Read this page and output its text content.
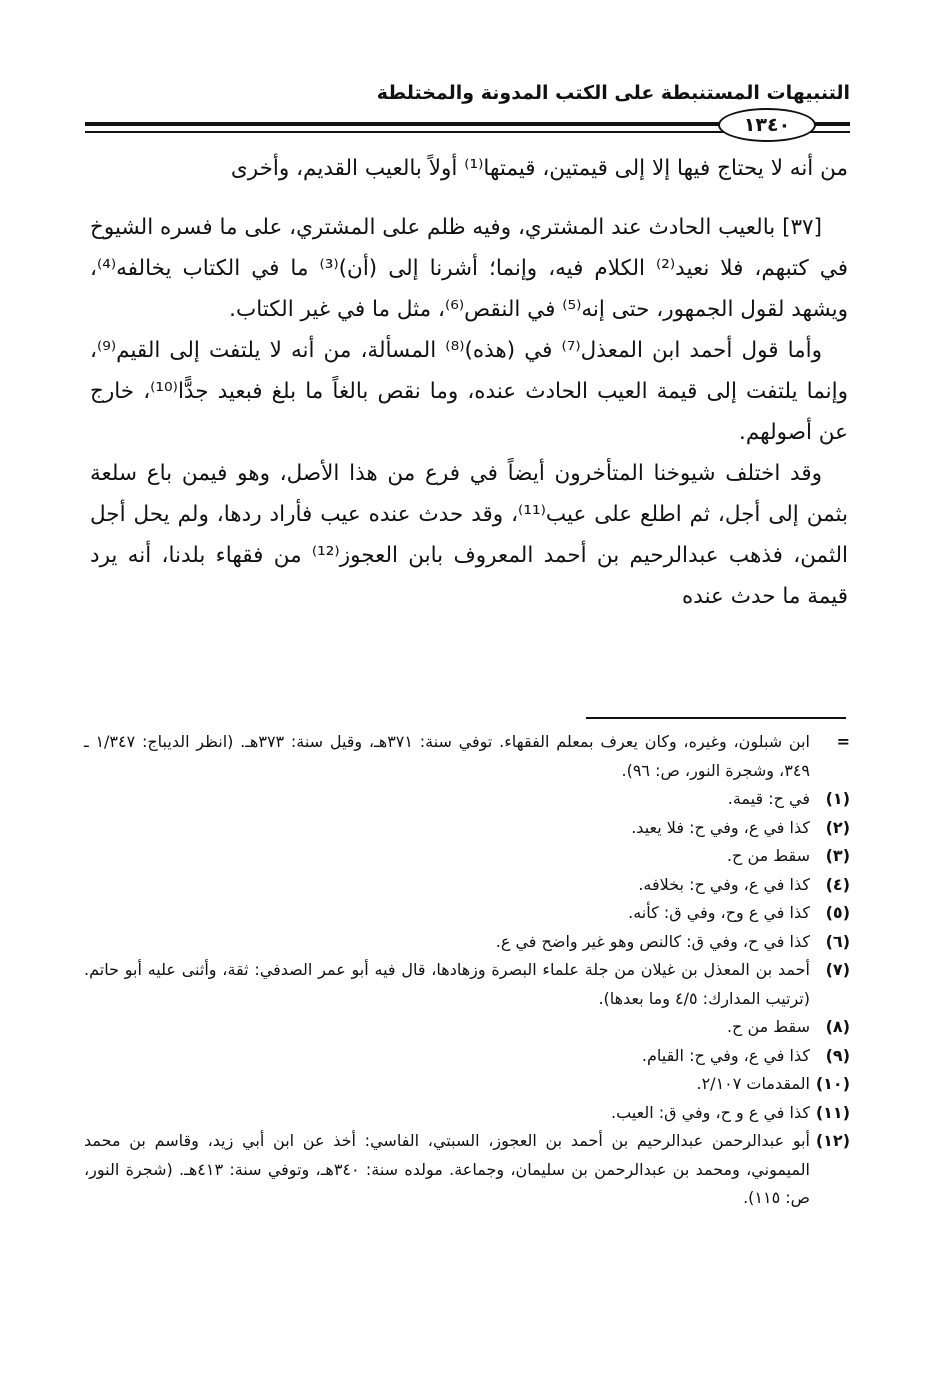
التنبيهات المستنبطة على الكتب المدونة والمختلطة
١٣٤٠

من أنه لا يحتاج فيها إلا إلى قيمتين، قيمتها⁽¹⁾ أولاً بالعيب القديم، وأخرى

[٣٧] بالعيب الحادث عند المشتري، وفيه ظلم على المشتري، على ما فسره الشيوخ في كتبهم، فلا نعيد⁽²⁾ الكلام فيه، وإنما؛ أشرنا إلى (أن)⁽³⁾ ما في الكتاب يخالفه⁽⁴⁾، ويشهد لقول الجمهور، حتى إنه⁽⁵⁾ في النقص⁽⁶⁾، مثل ما في غير الكتاب.

وأما قول أحمد ابن المعذل⁽⁷⁾ في (هذه)⁽⁸⁾ المسألة، من أنه لا يلتفت إلى القيم⁽⁹⁾، وإنما يلتفت إلى قيمة العيب الحادث عنده، وما نقص بالغاً ما بلغ فبعيد جدًّا⁽¹⁰⁾، خارج عن أصولهم.

وقد اختلف شيوخنا المتأخرون أيضاً في فرع من هذا الأصل، وهو فيمن باع سلعة بثمن إلى أجل، ثم اطلع على عيب⁽¹¹⁾، وقد حدث عنده عيب فأراد ردها، ولم يحل أجل الثمن، فذهب عبدالرحيم بن أحمد المعروف بابن العجوز⁽¹²⁾ من فقهاء بلدنا، أنه يرد قيمة ما حدث عنده

=
ابن شبلون، وغيره، وكان يعرف بمعلم الفقهاء. توفي سنة: ٣٧١هـ، وقيل سنة: ٣٧٣هـ. (انظر الديباج: ١/٣٤٧ ـ ٣٤٩، وشجرة النور، ص: ٩٦).
(١)
في ح: قيمة.
(٢)
كذا في ع، وفي ح: فلا يعيد.
(٣)
سقط من ح.
(٤)
كذا في ع، وفي ح: بخلافه.
(٥)
كذا في ع وح، وفي ق: كأنه.
(٦)
كذا في ح، وفي ق: كالنص وهو غير واضح في ع.
(٧)
أحمد بن المعذل بن غيلان من جلة علماء البصرة وزهادها، قال فيه أبو عمر الصدفي: ثقة، وأثنى عليه أبو حاتم. (ترتيب المدارك: ٤/٥ وما بعدها).
(٨)
سقط من ح.
(٩)
كذا في ع، وفي ح: القيام.
(١٠)
المقدمات ٢/١٠٧.
(١١)
كذا في ع و ح، وفي ق: العيب.
(١٢)
أبو عبدالرحمن عبدالرحيم بن أحمد بن العجوز، السبتي، الفاسي: أخذ عن ابن أبي زيد، وقاسم بن محمد الميموني، ومحمد بن عبدالرحمن بن سليمان، وجماعة. مولده سنة: ٣٤٠هـ، وتوفي سنة: ٤١٣هـ. (شجرة النور، ص: ١١٥).
